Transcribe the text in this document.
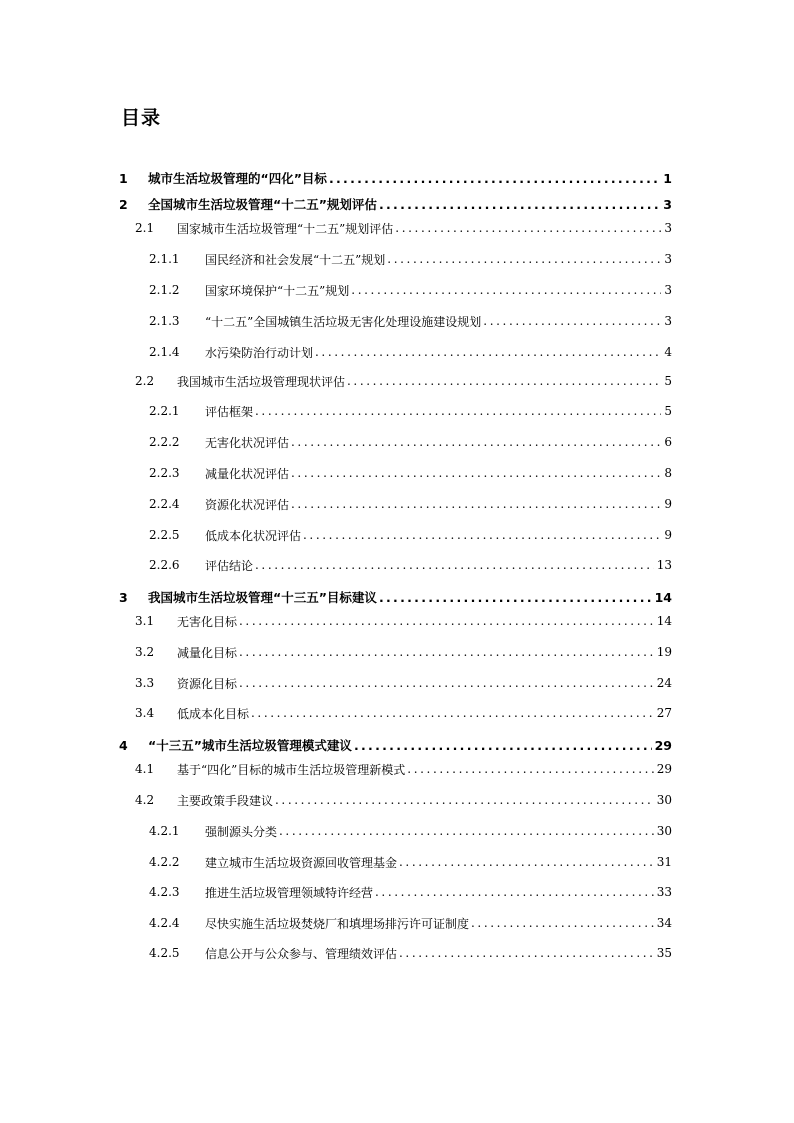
目录
1	城市生活垃圾管理的“四化”目标 .....	1
2	全国城市生活垃圾管理“十二五”规划评估 .....	3
2.1	国家城市生活垃圾管理“十二五”规划评估 .....	3
2.1.1	国民经济和社会发展“十二五”规划 .....	3
2.1.2	国家环境保护“十二五”规划 .....	3
2.1.3	“十二五”全国城镇生活垃圾无害化处理设施建设规划 .....	3
2.1.4	水污染防治行动计划 .....	4
2.2	我国城市生活垃圾管理现状评估 .....	5
2.2.1	评估框架 .....	5
2.2.2	无害化状况评估 .....	6
2.2.3	减量化状况评估 .....	8
2.2.4	资源化状况评估 .....	9
2.2.5	低成本化状况评估 .....	9
2.2.6	评估结论 .....	13
3	我国城市生活垃圾管理“十三五”目标建议 .....	14
3.1	无害化目标 .....	14
3.2	减量化目标 .....	19
3.3	资源化目标 .....	24
3.4	低成本化目标 .....	27
4	“十三五”城市生活垃圾管理模式建议 .....	29
4.1	基于“四化”目标的城市生活垃圾管理新模式 .....	29
4.2	主要政策手段建议 .....	30
4.2.1	强制源头分类 .....	30
4.2.2	建立城市生活垃圾资源回收管理基金 .....	31
4.2.3	推进生活垃圾管理领域特许经营 .....	33
4.2.4	尽快实施生活垃圾焚烧厂和填埋场排污许可证制度 .....	34
4.2.5	信息公开与公众参与、管理绩效评估 .....	35
